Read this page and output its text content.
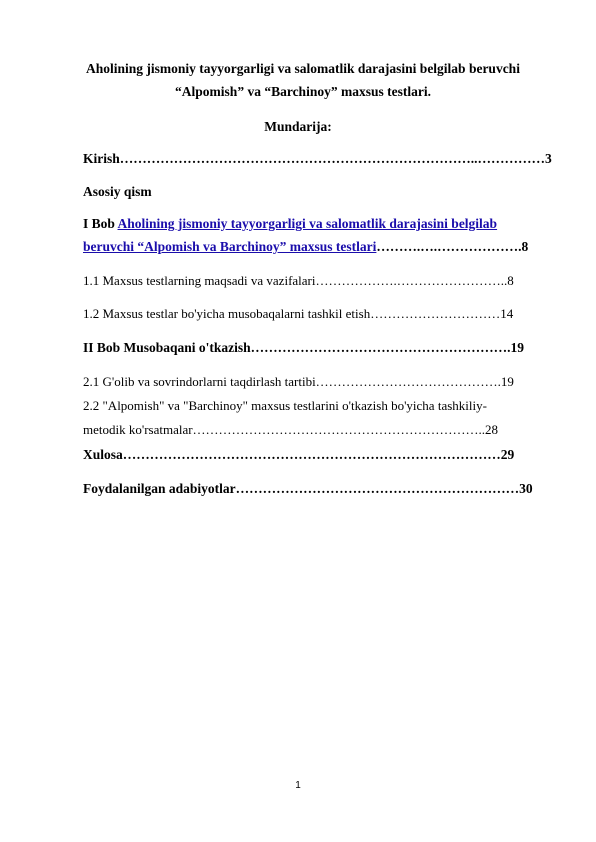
Aholining jismoniy tayyorgarligi va salomatlik darajasini belgilab beruvchi
“Alpomish” va “Barchinoy” maxsus testlari.
Mundarija:
Kirish……………………………………………………………………..……………3
Asosiy qism
I Bob Aholining jismoniy tayyorgarligi va salomatlik darajasini belgilab
beruvchi “Alpomish va Barchinoy” maxsus testlari……….….……………….8
1.1 Maxsus testlarning maqsadi va vazifalari……………….……………………..8
1.2 Maxsus testlar bo'yicha musobaqalarni tashkil etish…………………………14
II Bob Musobaqani o'tkazish………………………………………………….19
2.1 G'olib va sovrindorlarni taqdirlash tartibi…………………………………….19
2.2 "Alpomish" va "Barchinoy" maxsus testlarini o'tkazish bo'yicha tashkiliy-
metodik ko'rsatmalar…………………………………………………………..28
Xulosa…………………………………………………………………………29
Foydalanilgan adabiyotlar………………………………………………………30
1
